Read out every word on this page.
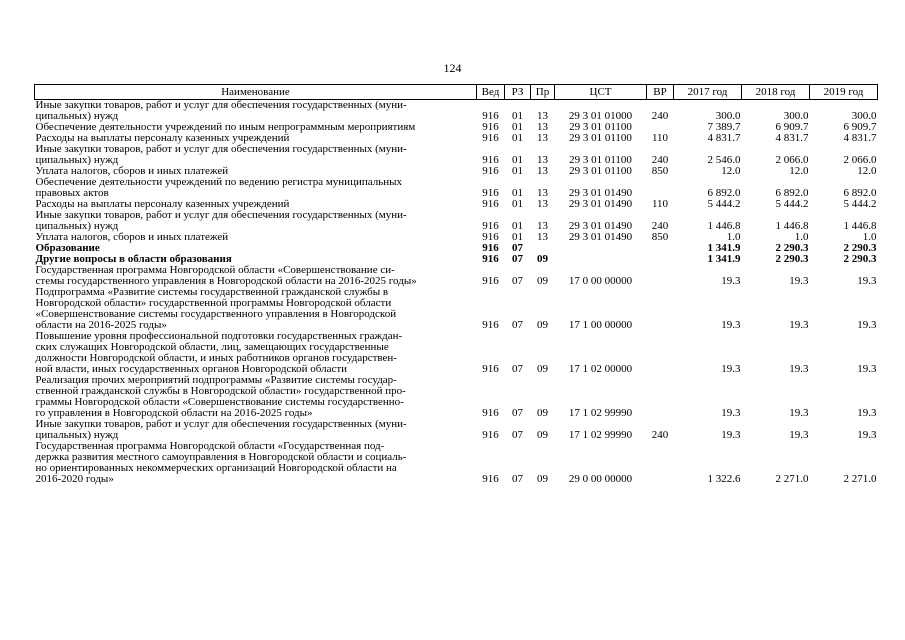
124
Наименование	Вед	РЗ	Пр	ЦСТ	ВР	2017 год	2018 год	2019 год

Иные закупки товаров, работ и услуг для обеспечения государственных (муни-
ципальных) нужд	916	01	13	29 3 01 01000	240	300.0	300.0	300.0

Обеспечение деятельности учреждений по иным непрограммным мероприятиям	916	01	13	29 3 01 01100		7 389.7	6 909.7	6 909.7

Расходы на выплаты персоналу казенных учреждений	916	01	13	29 3 01 01100	110	4 831.7	4 831.7	4 831.7

Иные закупки товаров, работ и услуг для обеспечения государственных (муни-
ципальных) нужд	916	01	13	29 3 01 01100	240	2 546.0	2 066.0	2 066.0

Уплата налогов, сборов и иных платежей	916	01	13	29 3 01 01100	850	12.0	12.0	12.0

Обеспечение деятельности учреждений по ведению регистра муниципальных
правовых актов	916	01	13	29 3 01 01490		6 892.0	6 892.0	6 892.0

Расходы на выплаты персоналу казенных учреждений	916	01	13	29 3 01 01490	110	5 444.2	5 444.2	5 444.2

Иные закупки товаров, работ и услуг для обеспечения государственных (муни-
ципальных) нужд	916	01	13	29 3 01 01490	240	1 446.8	1 446.8	1 446.8

Уплата налогов, сборов и иных платежей	916	01	13	29 3 01 01490	850	1.0	1.0	1.0

Образование	916	07				1 341.9	2 290.3	2 290.3

Другие вопросы в области образования	916	07	09			1 341.9	2 290.3	2 290.3

Государственная программа Новгородской области «Совершенствование си-
стемы государственного управления в Новгородской области на 2016-2025 годы»	916	07	09	17 0 00 00000		19.3	19.3	19.3

Подпрограмма «Развитие системы государственной гражданской службы в
Новгородской области» государственной программы Новгородской области
«Совершенствование системы государственного управления в Новгородской
области на 2016-2025 годы»	916	07	09	17 1 00 00000		19.3	19.3	19.3

Повышение уровня профессиональной подготовки государственных граждан-
ских служащих Новгородской области, лиц, замещающих государственные
должности Новгородской области, и иных работников органов государствен-
ной власти, иных государственных органов Новгородской области	916	07	09	17 1 02 00000		19.3	19.3	19.3

Реализация прочих мероприятий подпрограммы «Развитие системы государ-
ственной гражданской службы в Новгородской области» государственной про-
граммы Новгородской области «Совершенствование системы государственно-
го управления в Новгородской области на 2016-2025 годы»	916	07	09	17 1 02 99990		19.3	19.3	19.3

Иные закупки товаров, работ и услуг для обеспечения государственных (муни-
ципальных) нужд	916	07	09	17 1 02 99990	240	19.3	19.3	19.3

Государственная программа Новгородской области «Государственная под-
держка развития местного самоуправления в Новгородской области и социаль-
но ориентированных некоммерческих организаций Новгородской области на
2016-2020 годы»	916	07	09	29 0 00 00000		1 322.6	2 271.0	2 271.0
